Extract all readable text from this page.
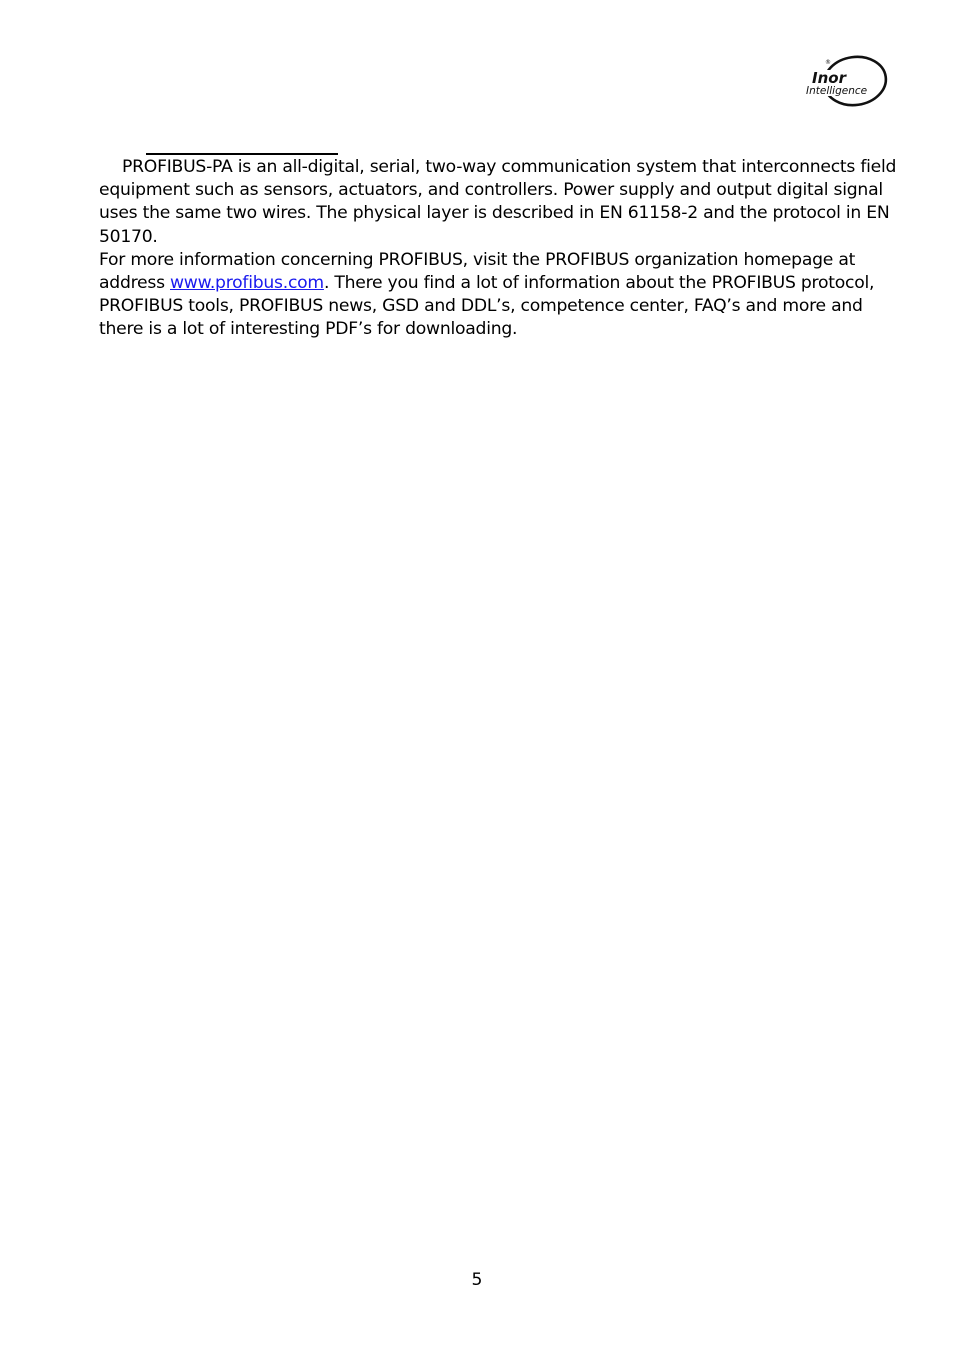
®
Inor
Intelligence

PROFIBUS-PA is an all-digital, serial, two-way communication system that interconnects field equipment such as sensors, actuators, and controllers. Power supply and output digital signal uses the same two wires. The physical layer is described in EN 61158-2 and the protocol in EN 50170.

For more information concerning PROFIBUS, visit the PROFIBUS organization homepage at address www.profibus.com. There you find a lot of information about the PROFIBUS protocol, PROFIBUS tools, PROFIBUS news, GSD and DDL’s, competence center, FAQ’s and more and there is a lot of interesting PDF’s for downloading.

5
